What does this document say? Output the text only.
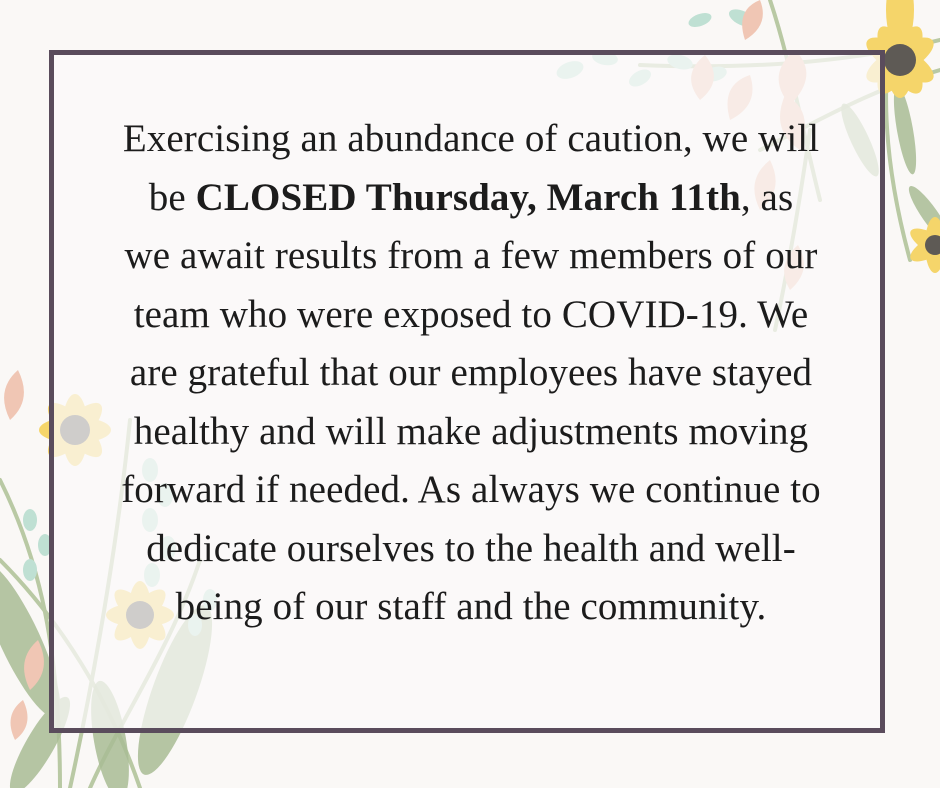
Exercising an abundance of caution, we will
be CLOSED Thursday, March 11th, as
we await results from a few members of our
team who were exposed to COVID-19. We
are grateful that our employees have stayed
healthy and will make adjustments moving
forward if needed. As always we continue to
dedicate ourselves to the health and well-
being of our staff and the community.
